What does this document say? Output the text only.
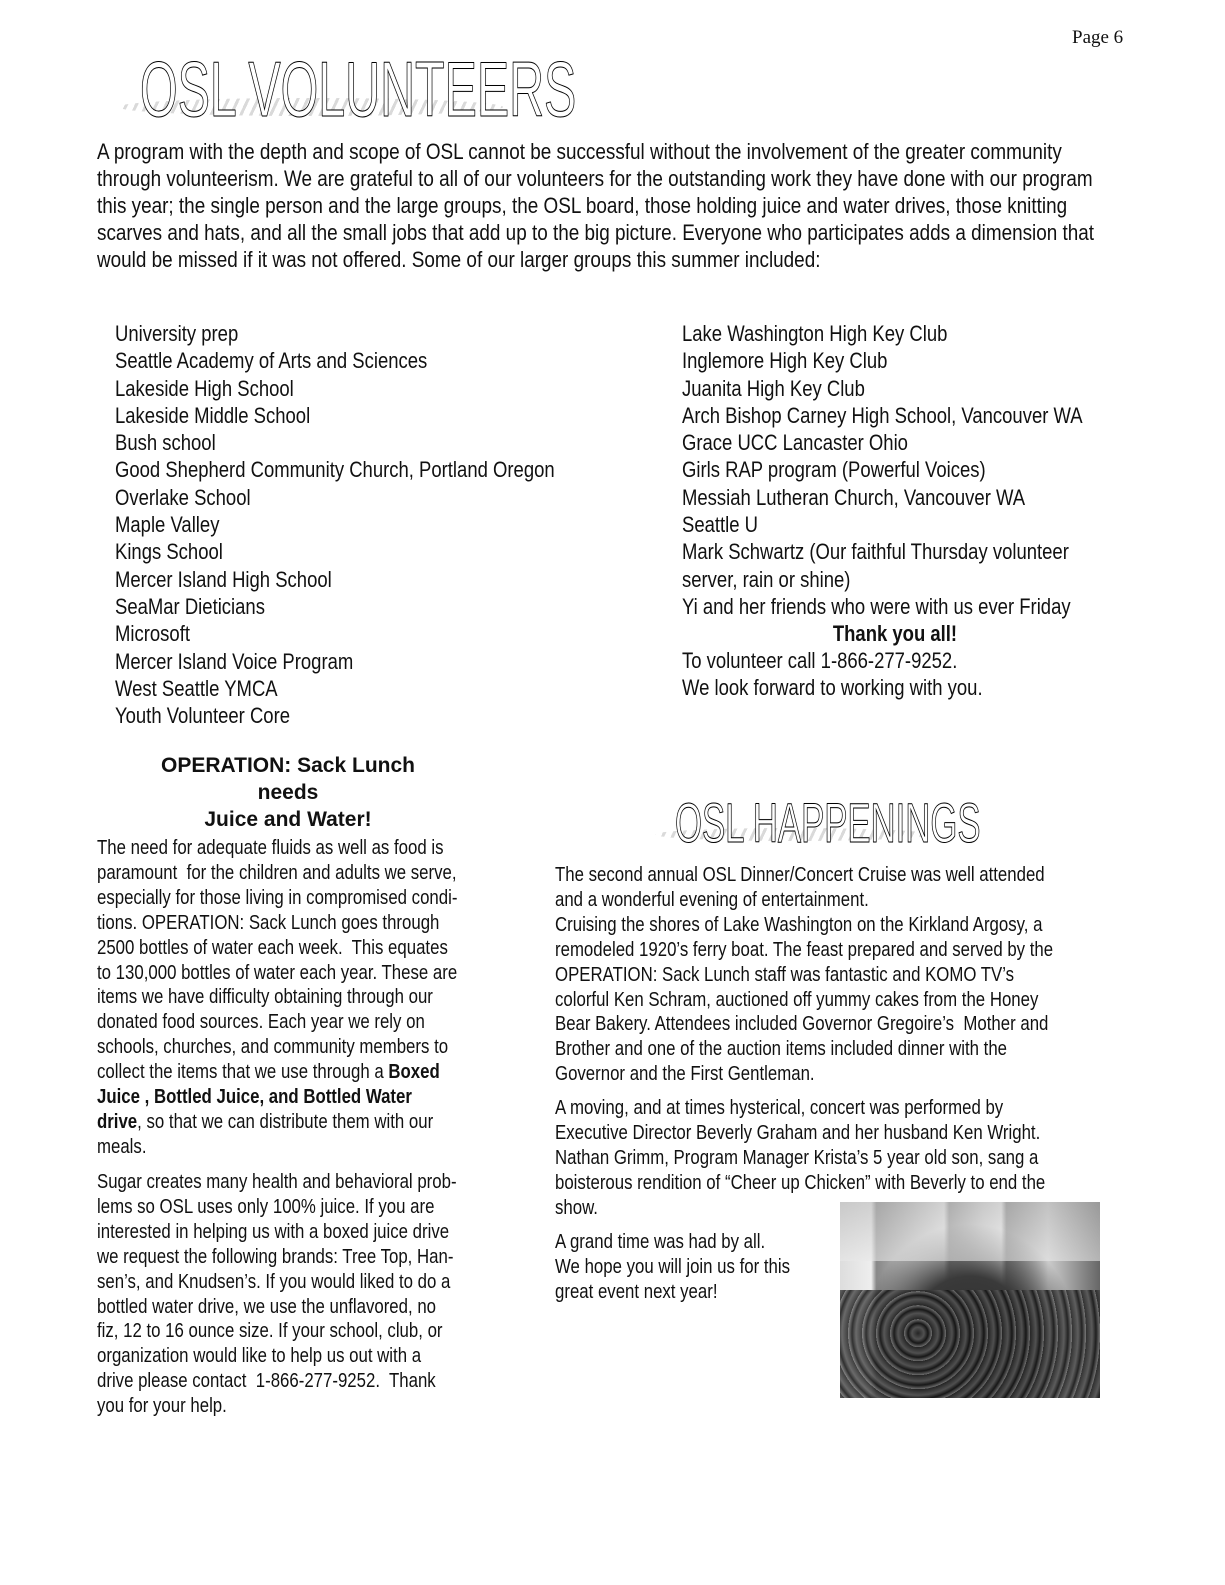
Page 6
OSL VOLUNTEERS
A program with the depth and scope of OSL cannot be successful without the involvement of the greater community
through volunteerism. We are grateful to all of our volunteers for the outstanding work they have done with our program
this year; the single person and the large groups, the OSL board, those holding juice and water drives, those knitting
scarves and hats, and all the small jobs that add up to the big picture. Everyone who participates adds a dimension that
would be missed if it was not offered. Some of our larger groups this summer included:
University prep
Seattle Academy of Arts and Sciences
Lakeside High School
Lakeside Middle School
Bush school
Good Shepherd Community Church, Portland Oregon
Overlake School
Maple Valley
Kings School
Mercer Island High School
SeaMar Dieticians
Microsoft
Mercer Island Voice Program
West Seattle YMCA
Youth Volunteer Core
Lake Washington High Key Club
Inglemore High Key Club
Juanita High Key Club
Arch Bishop Carney High School, Vancouver WA
Grace UCC Lancaster Ohio
Girls RAP program (Powerful Voices)
Messiah Lutheran Church, Vancouver WA
Seattle U
Mark Schwartz (Our faithful Thursday volunteer
server, rain or shine)
Yi and her friends who were with us ever Friday
Thank you all!
To volunteer call 1-866-277-9252.
We look forward to working with you.
OPERATION: Sack Lunch
needs
Juice and Water!
The need for adequate fluids as well as food is
paramount  for the children and adults we serve,
especially for those living in compromised condi-
tions. OPERATION: Sack Lunch goes through
2500 bottles of water each week.  This equates
to 130,000 bottles of water each year. These are
items we have difficulty obtaining through our
donated food sources. Each year we rely on
schools, churches, and community members to
collect the items that we use through a Boxed
Juice , Bottled Juice, and Bottled Water
drive, so that we can distribute them with our
meals.
Sugar creates many health and behavioral prob-
lems so OSL uses only 100% juice. If you are
interested in helping us with a boxed juice drive
we request the following brands: Tree Top, Han-
sen’s, and Knudsen’s. If you would liked to do a
bottled water drive, we use the unflavored, no
fiz, 12 to 16 ounce size. If your school, club, or
organization would like to help us out with a
drive please contact  1-866-277-9252.  Thank
you for your help.
OSL HAPPENINGS
The second annual OSL Dinner/Concert Cruise was well attended
and a wonderful evening of entertainment.
Cruising the shores of Lake Washington on the Kirkland Argosy, a
remodeled 1920’s ferry boat. The feast prepared and served by the
OPERATION: Sack Lunch staff was fantastic and KOMO TV’s
colorful Ken Schram, auctioned off yummy cakes from the Honey
Bear Bakery. Attendees included Governor Gregoire’s  Mother and
Brother and one of the auction items included dinner with the
Governor and the First Gentleman.
A moving, and at times hysterical, concert was performed by
Executive Director Beverly Graham and her husband Ken Wright.
Nathan Grimm, Program Manager Krista’s 5 year old son, sang a
boisterous rendition of “Cheer up Chicken” with Beverly to end the
show.
A grand time was had by all.
We hope you will join us for this
great event next year!
